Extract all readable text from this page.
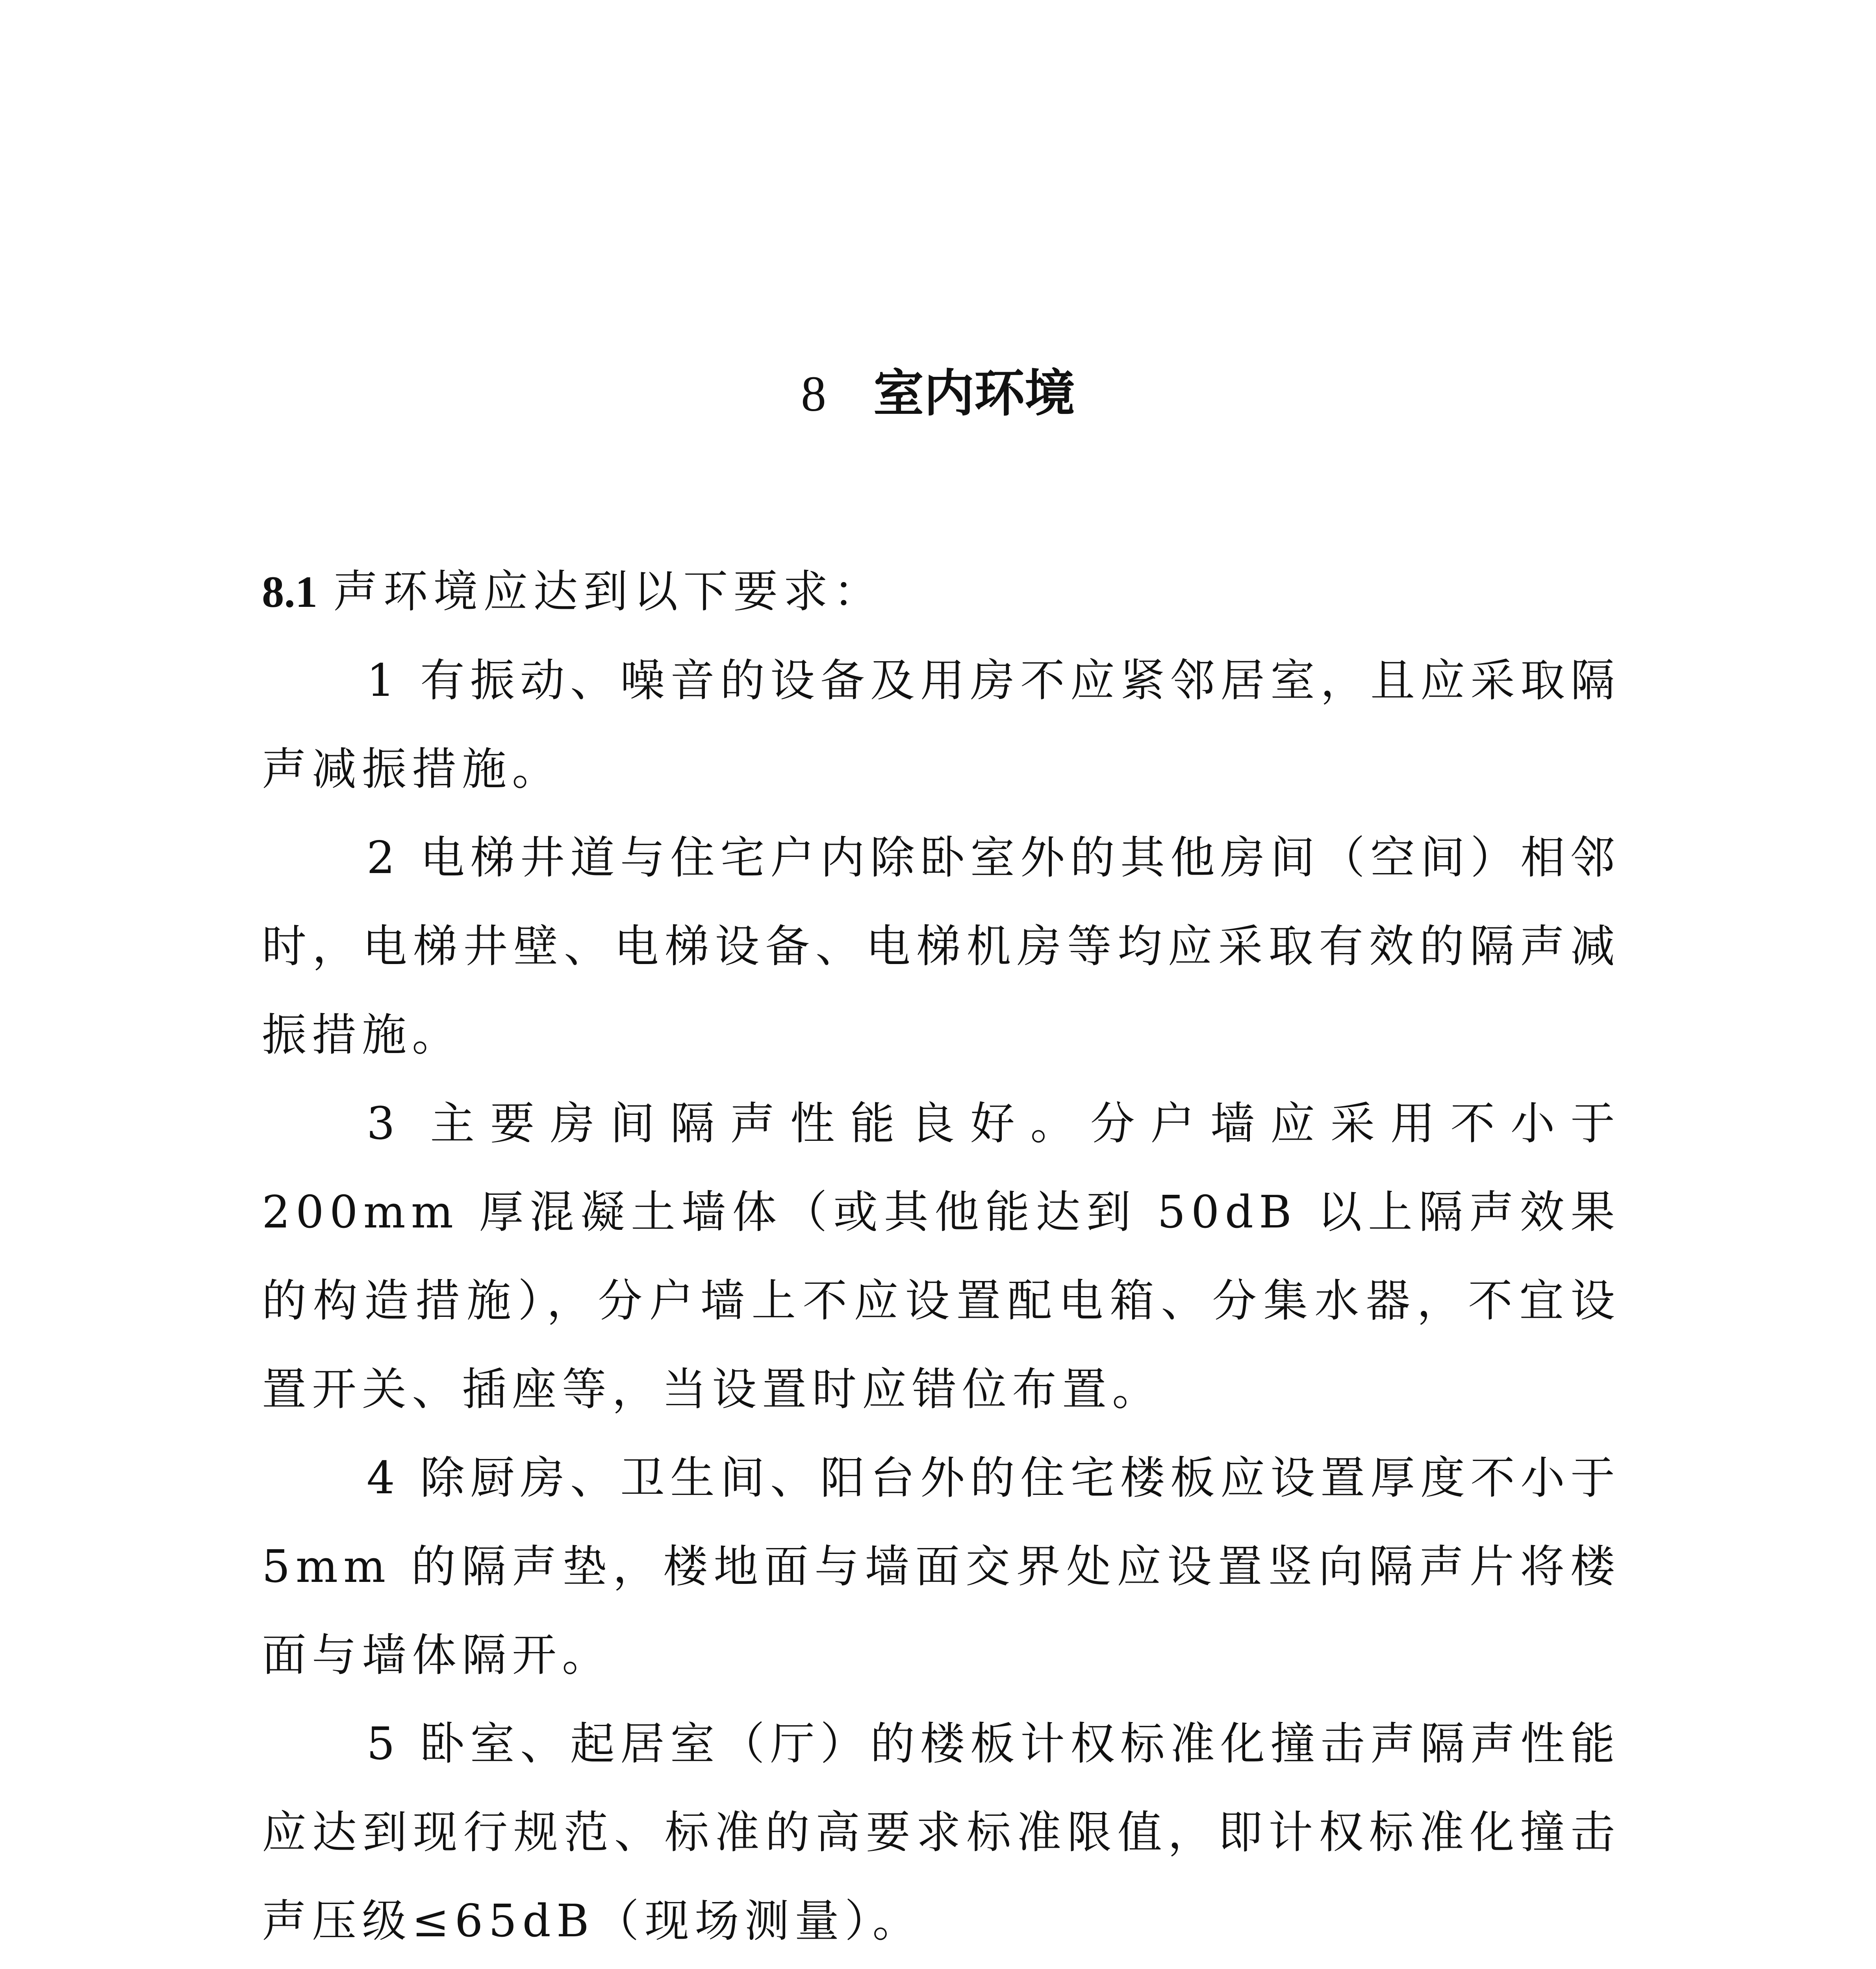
8 室内环境

8.1 声环境应达到以下要求：

1 有振动、噪音的设备及用房不应紧邻居室，且应采取隔声减振措施。

2 电梯井道与住宅户内除卧室外的其他房间（空间）相邻时，电梯井壁、电梯设备、电梯机房等均应采取有效的隔声减振措施。

3 主要房间隔声性能良好。分户墙应采用不小于 200mm 厚混凝土墙体（或其他能达到 50dB 以上隔声效果的构造措施），分户墙上不应设置配电箱、分集水器，不宜设置开关、插座等，当设置时应错位布置。

4 除厨房、卫生间、阳台外的住宅楼板应设置厚度不小于 5mm 的隔声垫，楼地面与墙面交界处应设置竖向隔声片将楼面与墙体隔开。

5 卧室、起居室（厅）的楼板计权标准化撞击声隔声性能应达到现行规范、标准的高要求标准限值，即计权标准化撞击声压级≤65dB（现场测量）。
